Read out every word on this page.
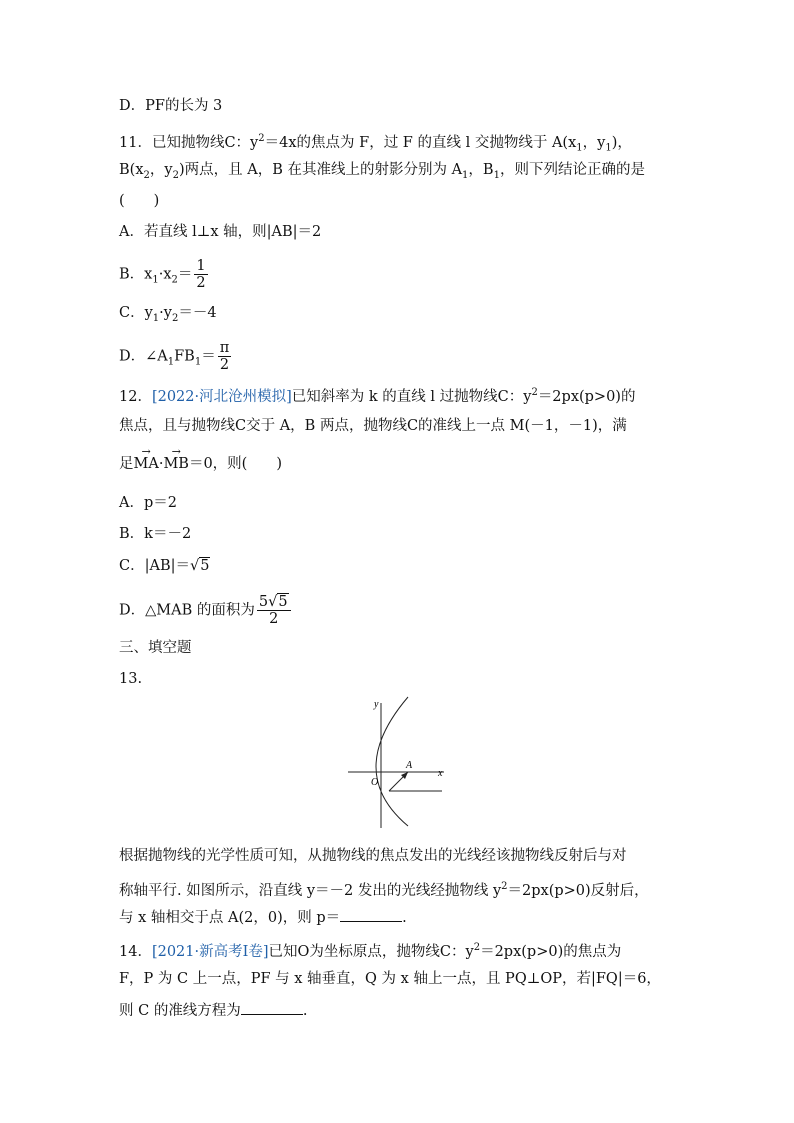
D．PF的长为 3
11．已知抛物线C：$y^2=4x$的焦点为 F，过 F 的直线 l 交抛物线于 $A(x_1$，$y_1$)，
$B(x_2$，$y_2$)两点，且 A，B 在其准线上的射影分别为 $A_1$，$B_1$，则下列结论正确的是
(　　)
A．若直线 l⊥x 轴，则|AB|＝2
B．$x_1\cdot x_2= \frac{1}{2}$
C．$y_1\cdot y_2=-4$
D．$\angle A_1FB_1= \frac{\pi}{2}$
12．[2022·河北沧州模拟]已知斜率为 k 的直线 l 过抛物线C：$y^2=2px(p>0)$的
焦点，且与抛物线C交于 A，B 两点，抛物线C的准线上一点 M(－1，－1)，满
足→ MA·→ MB＝0，则(　　)
A．p＝2
B．k＝－2
C．|AB|＝√5
D．△MAB 的面积为 $\frac{5√5}{2}$
三、填空题
13.
y
x
O
A
根据抛物线的光学性质可知，从抛物线的焦点发出的光线经该抛物线反射后与对
称轴平行. 如图所示，沿直线 y＝－2 发出的光线经抛物线 $y^2=2px(p>0)$反射后，
与 x 轴相交于点 A(2，0)，则 p＝	.
14．[2021·新高考Ⅰ卷]已知O为坐标原点，抛物线C：$y^2=2px(p>0)$的焦点为
F，P 为 C 上一点，PF 与 x 轴垂直，Q 为 x 轴上一点，且 PQ⊥OP，若|FQ|＝6，
则 C 的准线方程为	.
